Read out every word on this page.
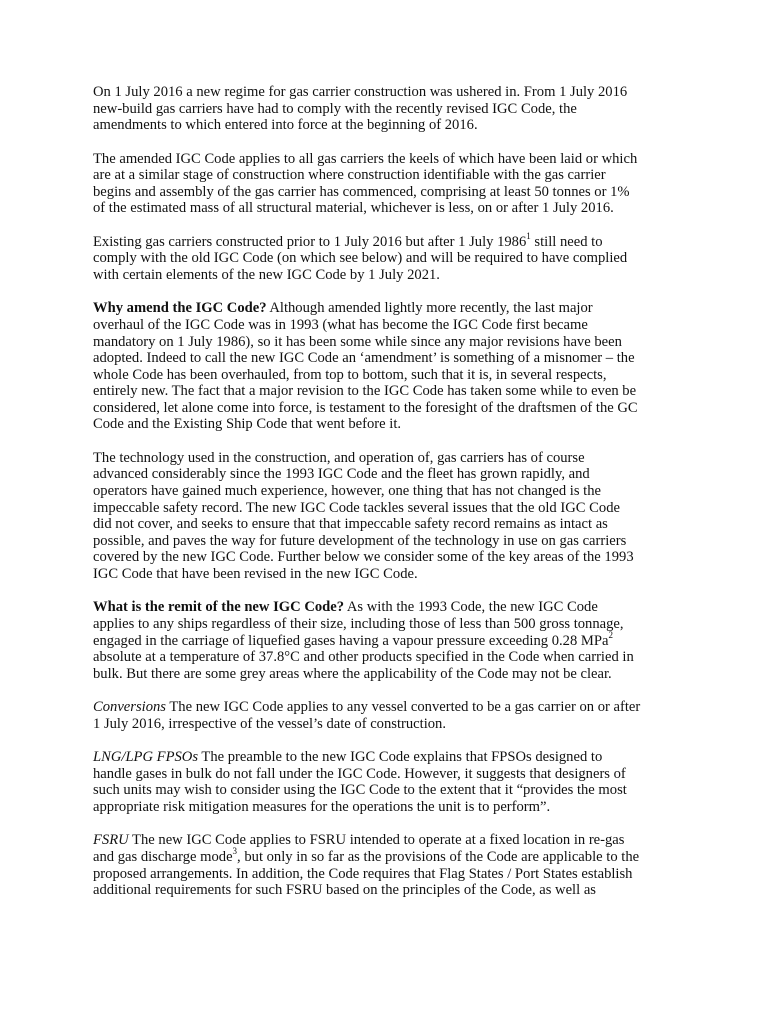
On 1 July 2016 a new regime for gas carrier construction was ushered in. From 1 July 2016
new-build gas carriers have had to comply with the recently revised IGC Code, the
amendments to which entered into force at the beginning of 2016.

The amended IGC Code applies to all gas carriers the keels of which have been laid or which
are at a similar stage of construction where construction identifiable with the gas carrier
begins and assembly of the gas carrier has commenced, comprising at least 50 tonnes or 1%
of the estimated mass of all structural material, whichever is less, on or after 1 July 2016.

Existing gas carriers constructed prior to 1 July 2016 but after 1 July 1986$^1$ still need to
comply with the old IGC Code (on which see below) and will be required to have complied
with certain elements of the new IGC Code by 1 July 2021.

Why amend the IGC Code? Although amended lightly more recently, the last major
overhaul of the IGC Code was in 1993 (what has become the IGC Code first became
mandatory on 1 July 1986), so it has been some while since any major revisions have been
adopted. Indeed to call the new IGC Code an ‘amendment’ is something of a misnomer – the
whole Code has been overhauled, from top to bottom, such that it is, in several respects,
entirely new. The fact that a major revision to the IGC Code has taken some while to even be
considered, let alone come into force, is testament to the foresight of the draftsmen of the GC
Code and the Existing Ship Code that went before it.

The technology used in the construction, and operation of, gas carriers has of course
advanced considerably since the 1993 IGC Code and the fleet has grown rapidly, and
operators have gained much experience, however, one thing that has not changed is the
impeccable safety record. The new IGC Code tackles several issues that the old IGC Code
did not cover, and seeks to ensure that that impeccable safety record remains as intact as
possible, and paves the way for future development of the technology in use on gas carriers
covered by the new IGC Code. Further below we consider some of the key areas of the 1993
IGC Code that have been revised in the new IGC Code.

What is the remit of the new IGC Code? As with the 1993 Code, the new IGC Code
applies to any ships regardless of their size, including those of less than 500 gross tonnage,
engaged in the carriage of liquefied gases having a vapour pressure exceeding 0.28 MPa$^2$
absolute at a temperature of 37.8°C and other products specified in the Code when carried in
bulk. But there are some grey areas where the applicability of the Code may not be clear.

Conversions The new IGC Code applies to any vessel converted to be a gas carrier on or after
1 July 2016, irrespective of the vessel’s date of construction.

LNG/LPG FPSOs The preamble to the new IGC Code explains that FPSOs designed to
handle gases in bulk do not fall under the IGC Code. However, it suggests that designers of
such units may wish to consider using the IGC Code to the extent that it “provides the most
appropriate risk mitigation measures for the operations the unit is to perform”.

FSRU The new IGC Code applies to FSRU intended to operate at a fixed location in re-gas
and gas discharge mode$^3$, but only in so far as the provisions of the Code are applicable to the
proposed arrangements. In addition, the Code requires that Flag States / Port States establish
additional requirements for such FSRU based on the principles of the Code, as well as
